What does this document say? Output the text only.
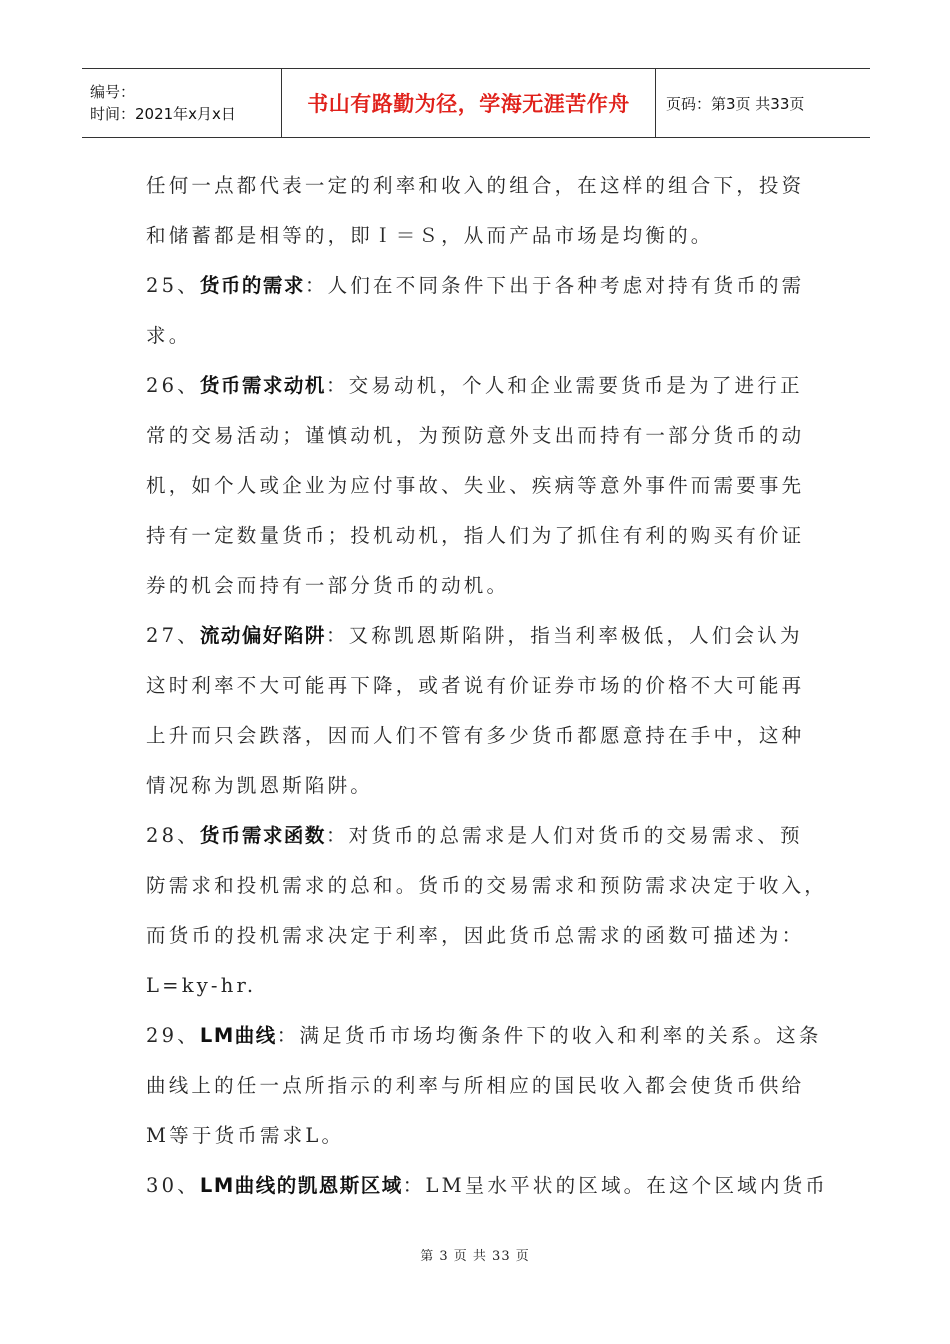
编号：
时间：2021年x月x日	书山有路勤为径，学海无涯苦作舟	页码：第3页 共33页
任何一点都代表一定的利率和收入的组合，在这样的组合下，投资
和储蓄都是相等的，即Ｉ＝Ｓ，从而产品市场是均衡的。
25、货币的需求：人们在不同条件下出于各种考虑对持有货币的需
求。
26、货币需求动机：交易动机，个人和企业需要货币是为了进行正
常的交易活动；谨慎动机，为预防意外支出而持有一部分货币的动
机，如个人或企业为应付事故、失业、疾病等意外事件而需要事先
持有一定数量货币；投机动机，指人们为了抓住有利的购买有价证
券的机会而持有一部分货币的动机。
27、流动偏好陷阱：又称凯恩斯陷阱，指当利率极低，人们会认为
这时利率不大可能再下降，或者说有价证券市场的价格不大可能再
上升而只会跌落，因而人们不管有多少货币都愿意持在手中，这种
情况称为凯恩斯陷阱。
28、货币需求函数：对货币的总需求是人们对货币的交易需求、预
防需求和投机需求的总和。货币的交易需求和预防需求决定于收入，
而货币的投机需求决定于利率，因此货币总需求的函数可描述为：
L=ky-hr.
29、LM曲线：满足货币市场均衡条件下的收入和利率的关系。这条
曲线上的任一点所指示的利率与所相应的国民收入都会使货币供给
M等于货币需求L。
30、LM曲线的凯恩斯区域：LM呈水平状的区域。在这个区域内货币
第 3 页 共 33 页
